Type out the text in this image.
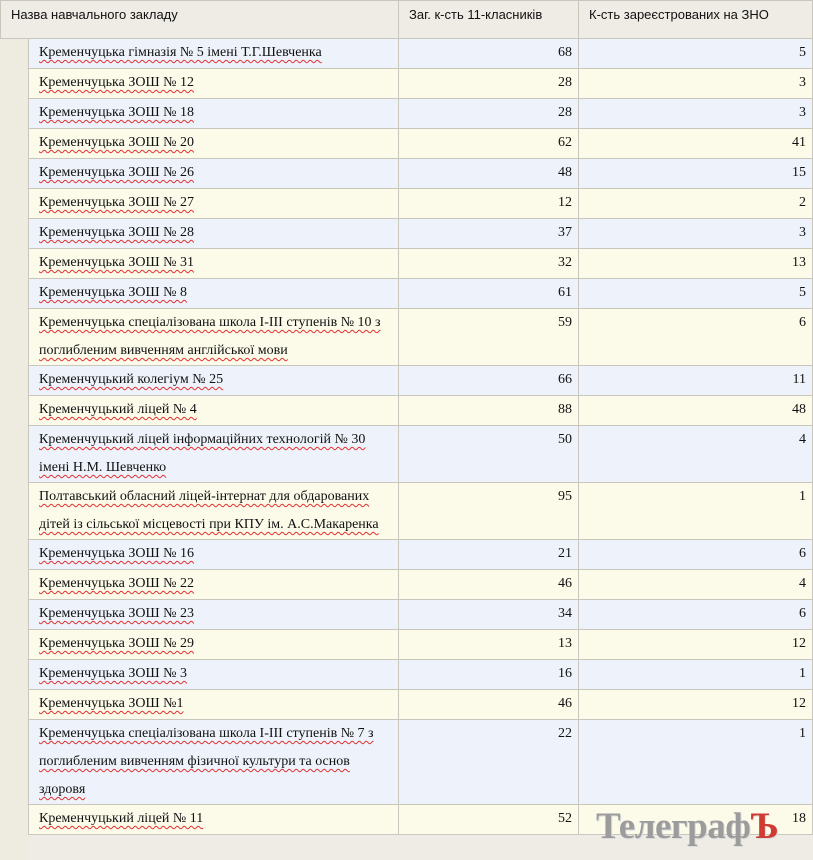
Назва навчального закладу		Заг. к-сть 11-класників	К-сть зареєстрованих на ЗНО
	Кременчуцька гімназія № 5 імені Т.Г.Шевченка	68	5
	Кременчуцька ЗОШ № 12	28	3
	Кременчуцька ЗОШ № 18	28	3
	Кременчуцька ЗОШ № 20	62	41
	Кременчуцька ЗОШ № 26	48	15
	Кременчуцька ЗОШ № 27	12	2
	Кременчуцька ЗОШ № 28	37	3
	Кременчуцька ЗОШ № 31	32	13
	Кременчуцька ЗОШ № 8	61	5
	Кременчуцька спеціалізована школа І-ІІІ ступенів № 10 з поглибленим вивченням англійської мови	59	6
	Кременчуцький колегіум № 25	66	11
	Кременчуцький ліцей № 4	88	48
	Кременчуцький ліцей інформаційних технологій № 30 імені Н.М. Шевченко	50	4
	Полтавський обласний ліцей-інтернат для обдарованих дітей із сільської місцевості при КПУ ім. А.С.Макаренка	95	1
	Кременчуцька ЗОШ № 16	21	6
	Кременчуцька ЗОШ № 22	46	4
	Кременчуцька ЗОШ № 23	34	6
	Кременчуцька ЗОШ № 29	13	12
	Кременчуцька ЗОШ № 3	16	1
	Кременчуцька ЗОШ №1	46	12
	Кременчуцька спеціалізована школа І-ІІІ ступенів № 7 з поглибленим вивченням фізичної культури та основ здоровя	22	1
	Кременчуцький ліцей № 11	52	18
ТелеграфЪ
